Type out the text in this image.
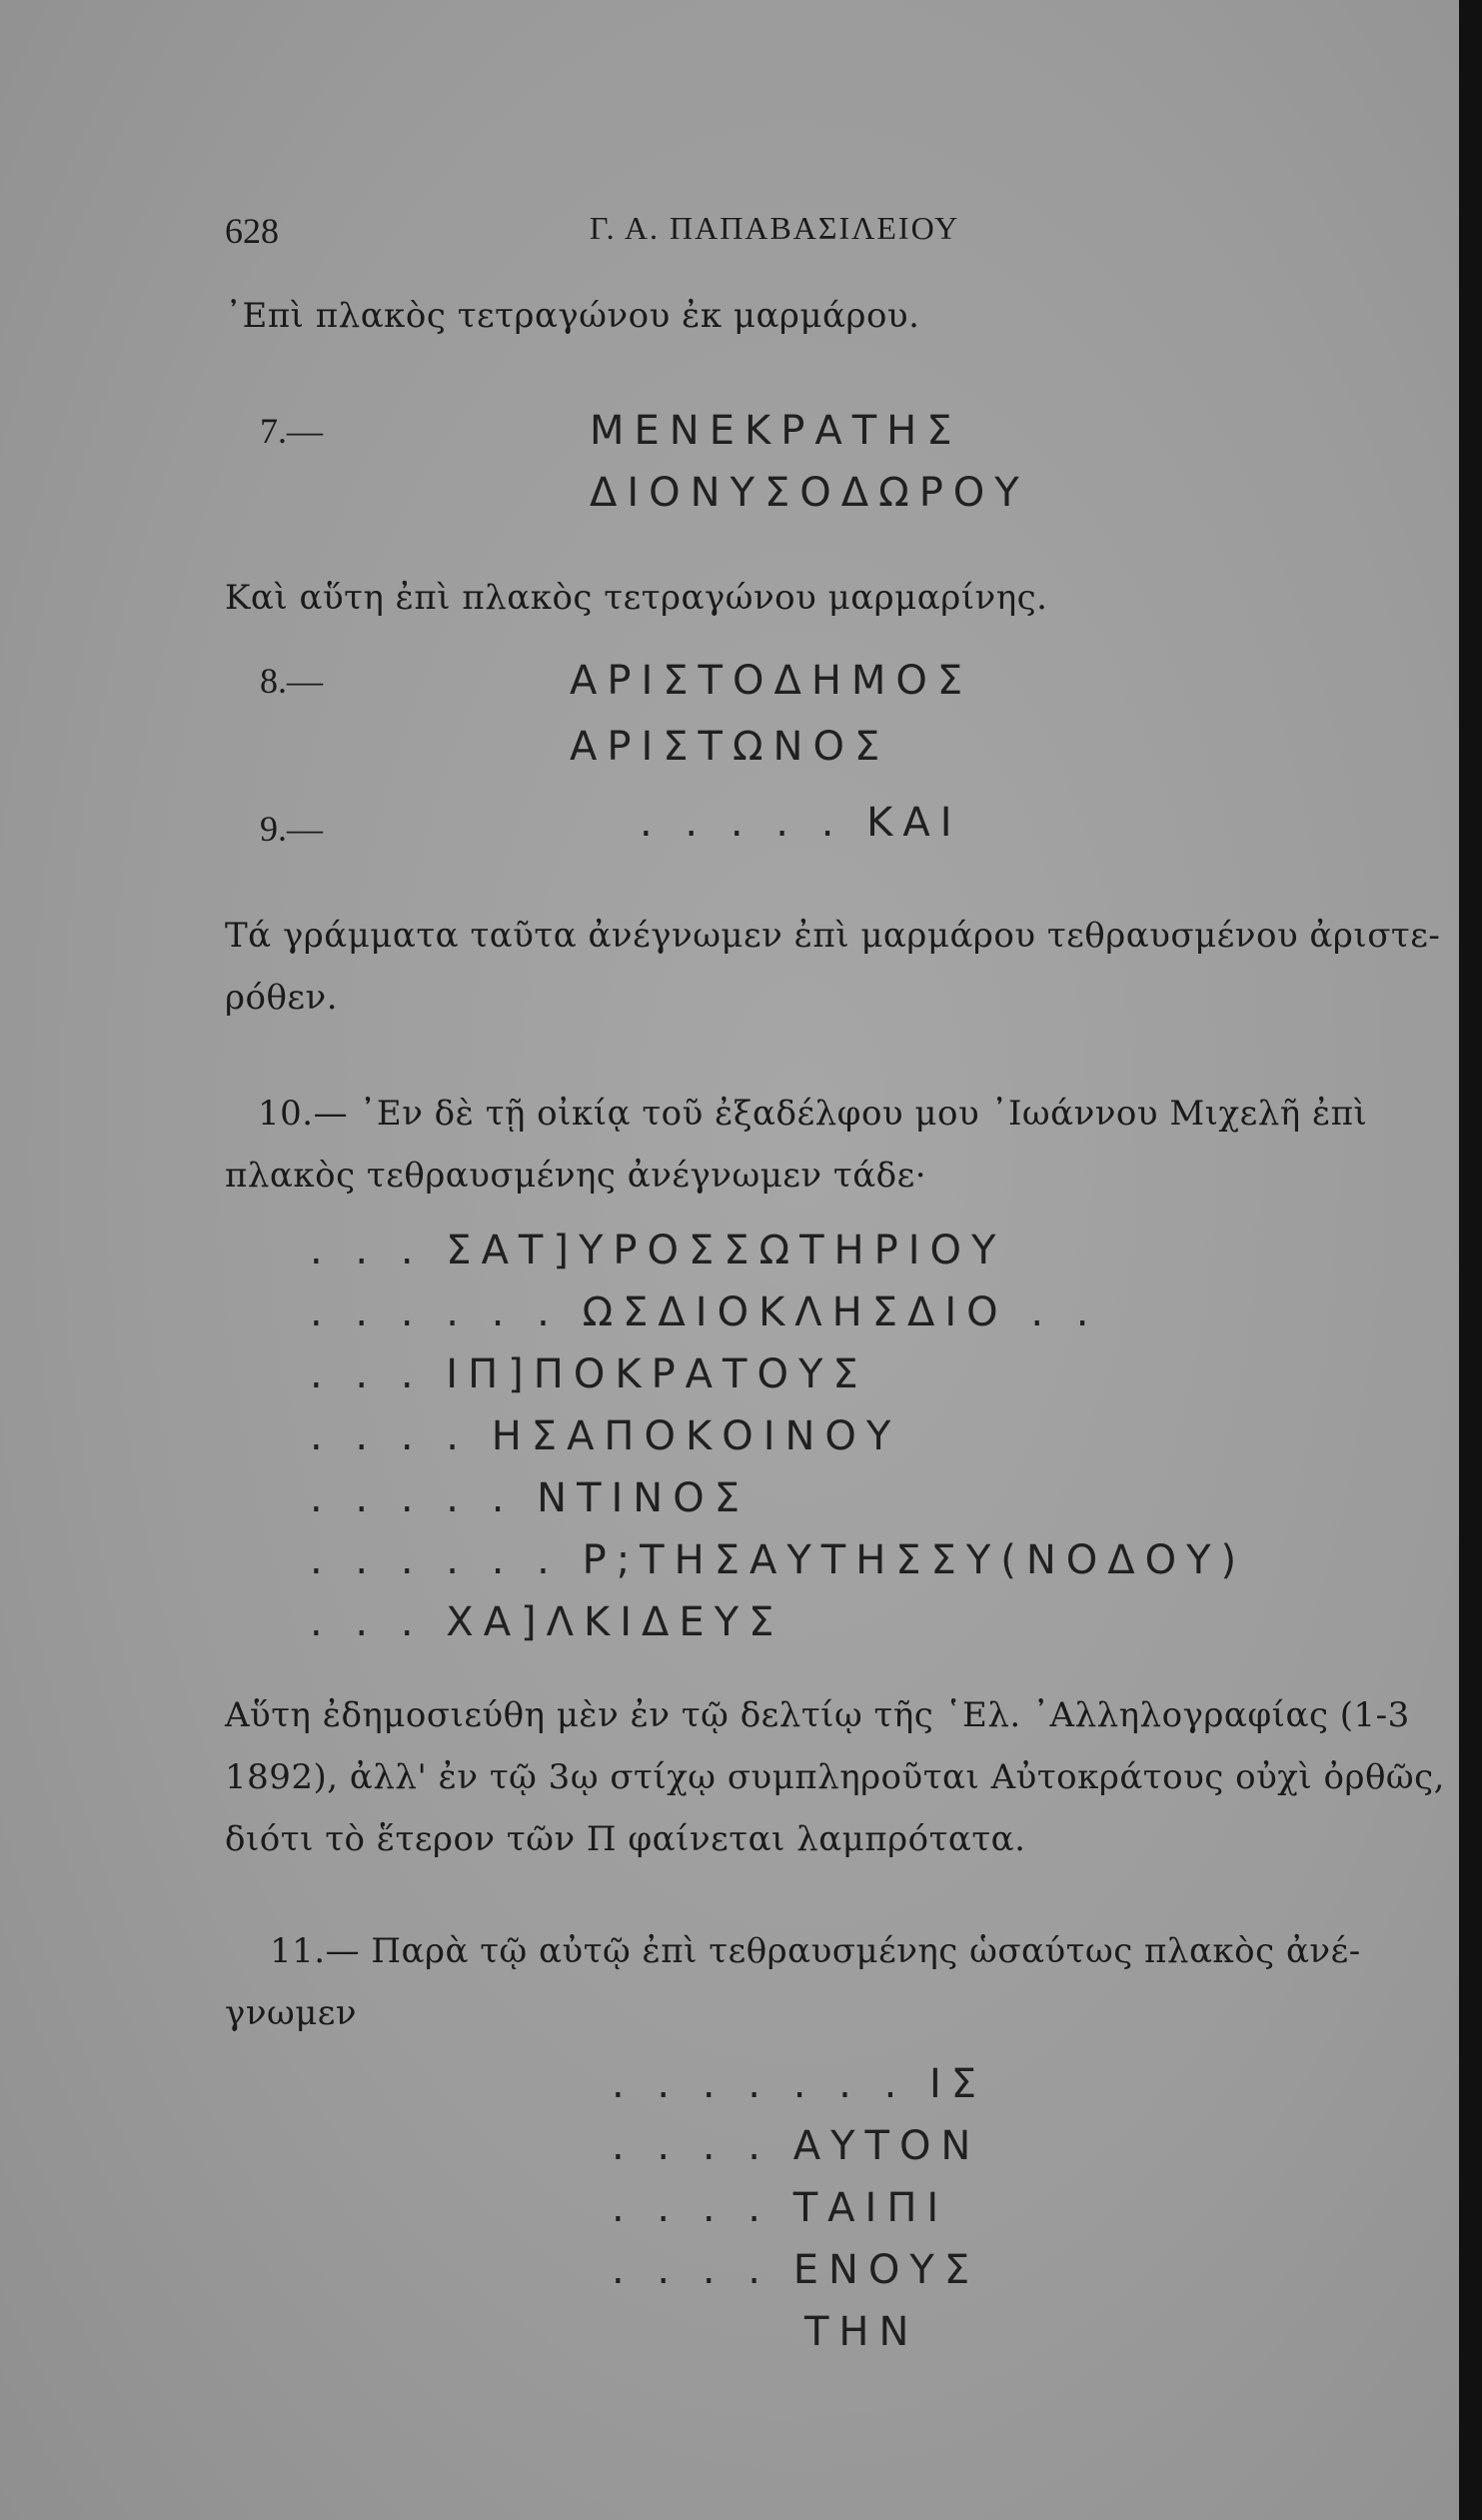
628	Γ. Α. ΠΑΠΑΒΑΣΙΛΕΙΟΥ
᾿Επὶ πλακὸς τετραγώνου ἐκ μαρμάρου.
7.—	ΜΕΝΕΚΡΑΤΗΣ
ΔΙΟΝΥΣΟΔΩΡΟΥ
Καὶ αὕτη ἐπὶ πλακὸς τετραγώνου μαρμαρίνης.
8.—	ΑΡΙΣΤΟΔΗΜΟΣ
ΑΡΙΣΤΩΝΟΣ
9.—	. . . . . ΚΑΙ
Τά γράμματα ταῦτα ἀνέγνωμεν ἐπὶ μαρμάρου τεθραυσμένου ἀριστε-
ρόθεν.
10.— ᾿Εν δὲ τῇ οἰκίᾳ τοῦ ἐξαδέλφου μου ᾿Ιωάννου Μιχελῆ ἐπὶ
πλακὸς τεθραυσμένης ἀνέγνωμεν τάδε·
. . . ΣΑΤ]ΥΡΟΣΣΩΤΗΡΙΟΥ
. . . . . . ΩΣΔΙΟΚΛΗΣΔΙΟ . .
. . . ΙΠ]ΠΟΚΡΑΤΟΥΣ
. . . . ΗΣΑΠΟΚΟΙΝΟΥ
. . . . . ΝΤΙΝΟΣ
. . . . . . Ρ;ΤΗΣΑΥΤΗΣΣΥ(ΝΟΔΟΥ)
. . . ΧΑ]ΛΚΙΔΕΥΣ
Αὕτη ἐδημοσιεύθη μὲν ἐν τῷ δελτίῳ τῆς ῾Ελ. ᾿Αλληλογραφίας (1-3
1892), ἀλλ' ἐν τῷ 3ῳ στίχῳ συμπληροῦται Αὐτοκράτους οὐχὶ ὀρθῶς,
διότι τὸ ἕτερον τῶν Π φαίνεται λαμπρότατα.
11.— Παρὰ τῷ αὐτῷ ἐπὶ τεθραυσμένης ὡσαύτως πλακὸς ἀνέ-
γνωμεν
. . . . . . . ΙΣ
. . . . ΑΥΤΟΝ
. . . . ΤΑΙΠΙ
. . . . ΕΝΟΥΣ
ΤΗΝ
